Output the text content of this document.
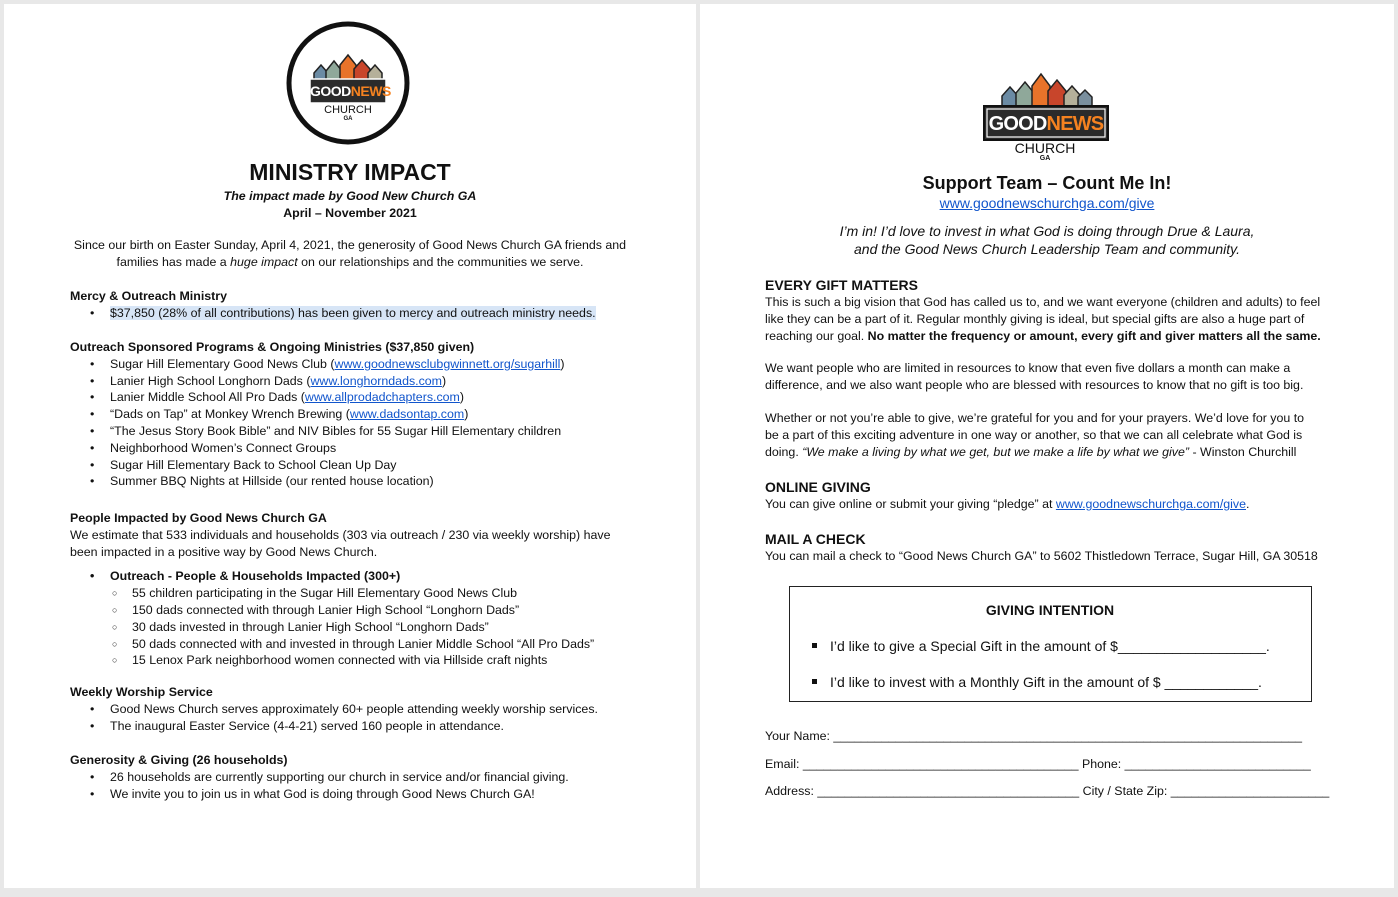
GOODNEWS
CHURCH
GA
MINISTRY IMPACT
The impact made by Good New Church GA
April – November 2021
Since our birth on Easter Sunday, April 4, 2021, the generosity of Good News Church GA friends and
families has made a huge impact on our relationships and the communities we serve.
Mercy & Outreach Ministry
• $37,850 (28% of all contributions) has been given to mercy and outreach ministry needs.
Outreach Sponsored Programs & Ongoing Ministries ($37,850 given)
• Sugar Hill Elementary Good News Club (www.goodnewsclubgwinnett.org/sugarhill)
• Lanier High School Longhorn Dads (www.longhorndads.com)
• Lanier Middle School All Pro Dads (www.allprodadchapters.com)
• “Dads on Tap” at Monkey Wrench Brewing (www.dadsontap.com)
• “The Jesus Story Book Bible” and NIV Bibles for 55 Sugar Hill Elementary children
• Neighborhood Women’s Connect Groups
• Sugar Hill Elementary Back to School Clean Up Day
• Summer BBQ Nights at Hillside (our rented house location)
People Impacted by Good News Church GA
We estimate that 533 individuals and households (303 via outreach / 230 via weekly worship) have
been impacted in a positive way by Good News Church.
• Outreach - People & Households Impacted (300+)
○ 55 children participating in the Sugar Hill Elementary Good News Club
○ 150 dads connected with through Lanier High School “Longhorn Dads”
○ 30 dads invested in through Lanier High School “Longhorn Dads”
○ 50 dads connected with and invested in through Lanier Middle School “All Pro Dads”
○ 15 Lenox Park neighborhood women connected with via Hillside craft nights
Weekly Worship Service
• Good News Church serves approximately 60+ people attending weekly worship services.
• The inaugural Easter Service (4-4-21) served 160 people in attendance.
Generosity & Giving (26 households)
• 26 households are currently supporting our church in service and/or financial giving.
• We invite you to join us in what God is doing through Good News Church GA!
GOODNEWS
CHURCH
GA
Support Team – Count Me In!
www.goodnewschurchga.com/give
I’m in! I’d love to invest in what God is doing through Drue & Laura,
and the Good News Church Leadership Team and community.
EVERY GIFT MATTERS
This is such a big vision that God has called us to, and we want everyone (children and adults) to feel
like they can be a part of it. Regular monthly giving is ideal, but special gifts are also a huge part of
reaching our goal. No matter the frequency or amount, every gift and giver matters all the same.
We want people who are limited in resources to know that even five dollars a month can make a
difference, and we also want people who are blessed with resources to know that no gift is too big.
Whether or not you’re able to give, we’re grateful for you and for your prayers. We’d love for you to
be a part of this exciting adventure in one way or another, so that we can all celebrate what God is
doing. “We make a living by what we get, but we make a life by what we give” - Winston Churchill
ONLINE GIVING
You can give online or submit your giving “pledge” at www.goodnewschurchga.com/give.
MAIL A CHECK
You can mail a check to “Good News Church GA” to 5602 Thistledown Terrace, Sugar Hill, GA 30518
GIVING INTENTION
I’d like to give a Special Gift in the amount of $___________________.
I’d like to invest with a Monthly Gift in the amount of $ ____________.
Your Name: ____________________________________________________________________
Email: ________________________________________ Phone: ___________________________
Address: ______________________________________ City / State Zip: _______________________
